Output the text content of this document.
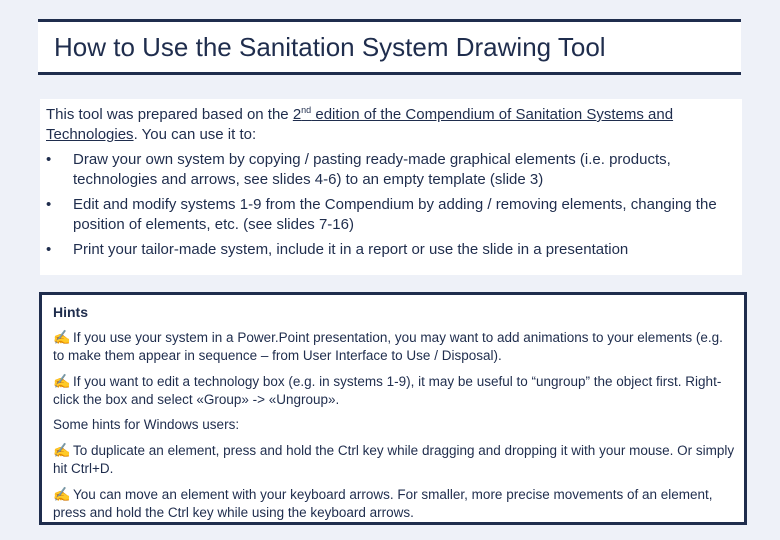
How to Use the Sanitation System Drawing Tool
This tool was prepared based on the 2nd edition of the Compendium of Sanitation Systems and Technologies. You can use it to:
• Draw your own system by copying / pasting ready-made graphical elements (i.e. products, technologies and arrows, see slides 4-6) to an empty template (slide 3)
• Edit and modify systems 1-9 from the Compendium by adding / removing elements, changing the position of elements, etc. (see slides 7-16)
• Print your tailor-made system, include it in a report or use the slide in a presentation
Hints
✍ If you use your system in a Power.Point presentation, you may want to add animations to your elements (e.g. to make them appear in sequence – from User Interface to Use / Disposal).
✍ If you want to edit a technology box (e.g. in systems 1-9), it may be useful to “ungroup” the object first. Right-click the box and select «Group» -> «Ungroup».
Some hints for Windows users:
✍ To duplicate an element, press and hold the Ctrl key while dragging and dropping it with your mouse. Or simply hit Ctrl+D.
✍ You can move an element with your keyboard arrows. For smaller, more precise movements of an element, press and hold the Ctrl key while using the keyboard arrows.
